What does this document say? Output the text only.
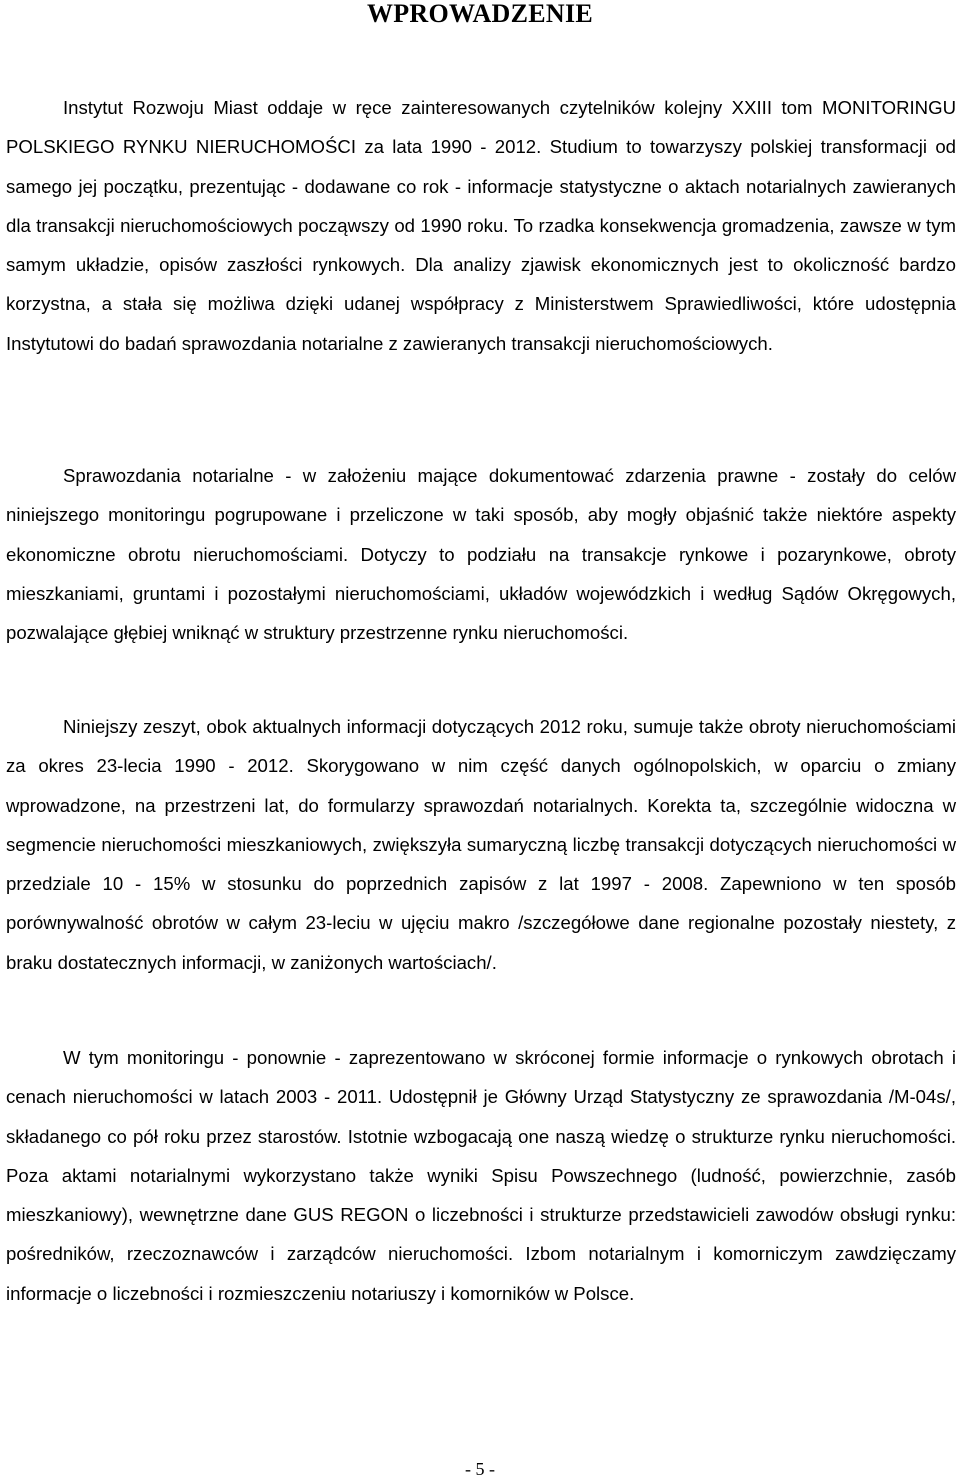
WPROWADZENIE

Instytut Rozwoju Miast oddaje w ręce zainteresowanych czytelników kolejny XXIII tom MONITORINGU POLSKIEGO RYNKU NIERUCHOMOŚCI za lata 1990 - 2012. Studium to towarzyszy polskiej transformacji od samego jej początku, prezentując - dodawane co rok - informacje statystyczne o aktach notarialnych zawieranych dla transakcji nieruchomościowych począwszy od 1990 roku. To rzadka konsekwencja gromadzenia, zawsze w tym samym układzie, opisów zaszłości rynkowych. Dla analizy zjawisk ekonomicznych jest to okoliczność bardzo korzystna, a stała się możliwa dzięki udanej współpracy z Ministerstwem Sprawiedliwości, które udostępnia Instytutowi do badań sprawozdania notarialne z zawieranych transakcji nieruchomościowych.

Sprawozdania notarialne - w założeniu mające dokumentować zdarzenia prawne - zostały do celów niniejszego monitoringu pogrupowane i przeliczone w taki sposób, aby mogły objaśnić także niektóre aspekty ekonomiczne obrotu nieruchomościami. Dotyczy to podziału na transakcje rynkowe i pozarynkowe, obroty mieszkaniami, gruntami i pozostałymi nieruchomościami, układów wojewódzkich i według Sądów Okręgowych, pozwalające głębiej wniknąć w struktury przestrzenne rynku nieruchomości.

Niniejszy zeszyt, obok aktualnych informacji dotyczących 2012 roku, sumuje także obroty nieruchomościami za okres 23-lecia 1990 - 2012. Skorygowano w nim część danych ogólnopolskich, w oparciu o zmiany wprowadzone, na przestrzeni lat, do formularzy sprawozdań notarialnych. Korekta ta, szczególnie widoczna w segmencie nieruchomości mieszkaniowych, zwiększyła sumaryczną liczbę transakcji dotyczących nieruchomości w przedziale 10 - 15% w stosunku do poprzednich zapisów z lat 1997 - 2008. Zapewniono w ten sposób porównywalność obrotów w całym 23-leciu w ujęciu makro /szczegółowe dane regionalne pozostały niestety, z braku dostatecznych informacji, w zaniżonych wartościach/.

W tym monitoringu - ponownie - zaprezentowano w skróconej formie informacje o rynkowych obrotach i cenach nieruchomości w latach 2003 - 2011. Udostępnił je Główny Urząd Statystyczny ze sprawozdania /M-04s/, składanego co pół roku przez starostów. Istotnie wzbogacają one naszą wiedzę o strukturze rynku nieruchomości. Poza aktami notarialnymi wykorzystano także wyniki Spisu Powszechnego (ludność, powierzchnie, zasób mieszkaniowy), wewnętrzne dane GUS REGON o liczebności i strukturze przedstawicieli zawodów obsługi rynku: pośredników, rzeczoznawców i zarządców nieruchomości. Izbom notarialnym i komorniczym zawdzięczamy informacje o liczebności i rozmieszczeniu notariuszy i komorników w Polsce.

- 5 -
